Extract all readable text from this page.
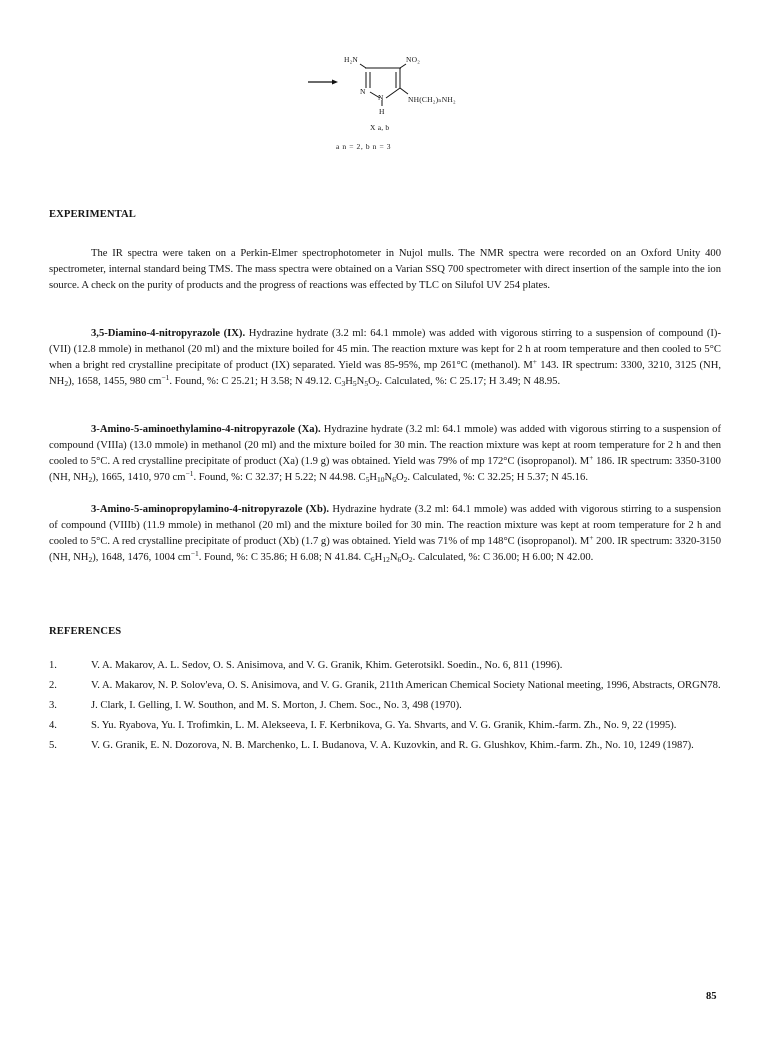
H₂N	NO₂
N
N	NH(CH₂)ₙNH₂
H
X a, b
a n = 2, b n = 3
EXPERIMENTAL

The IR spectra were taken on a Perkin-Elmer spectrophotometer in Nujol mulls. The NMR spectra were recorded on an Oxford Unity 400 spectrometer, internal standard being TMS. The mass spectra were obtained on a Varian SSQ 700 spectrometer with direct insertion of the sample into the ion source. A check on the purity of products and the progress of reactions was effected by TLC on Silufol UV 254 plates.

3,5-Diamino-4-nitropyrazole (IX). Hydrazine hydrate (3.2 ml: 64.1 mmole) was added with vigorous stirring to a suspension of compound (I)-(VII) (12.8 mmole) in methanol (20 ml) and the mixture boiled for 45 min. The reaction mxture was kept for 2 h at room temperature and then cooled to 5°C when a bright red crystalline precipitate of product (IX) separated. Yield was 85-95%, mp 261°C (methanol). M+ 143. IR spectrum: 3300, 3210, 3125 (NH, $NH_2$), 1658, 1455, 980 $cm^{-1}$. Found, %: C 25.21; H 3.58; N 49.12. $C_3H_5N_5O_2$. Calculated, %: C 25.17; H 3.49; N 48.95.

3-Amino-5-aminoethylamino-4-nitropyrazole (Xa). Hydrazine hydrate (3.2 ml: 64.1 mmole) was added with vigorous stirring to a suspension of compound (VIIIa) (13.0 mmole) in methanol (20 ml) and the mixture boiled for 30 min. The reaction mixture was kept at room temperature for 2 h and then cooled to 5°C. A red crystalline precipitate of product (Xa) (1.9 g) was obtained. Yield was 79% of mp 172°C (isopropanol). M+ 186. IR spectrum: 3350-3100 (NH, $NH_2$), 1665, 1410, 970 $cm^{-1}$. Found, %: C 32.37; H 5.22; N 44.98. $C_5H_{10}N_6O_2$. Calculated, %: C 32.25; H 5.37; N 45.16.

3-Amino-5-aminopropylamino-4-nitropyrazole (Xb). Hydrazine hydrate (3.2 ml: 64.1 mmole) was added with vigorous stirring to a suspension of compound (VIIIb) (11.9 mmole) in methanol (20 ml) and the mixture boiled for 30 min. The reaction mixture was kept at room temperature for 2 h and cooled to 5°C. A red crystalline precipitate of product (Xb) (1.7 g) was obtained. Yield was 71% of mp 148°C (isopropanol). M+ 200. IR spectrum: 3320-3150 (NH, $NH_2$), 1648, 1476, 1004 $cm^{-1}$. Found, %: C 35.86; H 6.08; N 41.84. $C_6H_{12}N_6O_2$. Calculated, %: C 36.00; H 6.00; N 42.00.

REFERENCES
1.	V. A. Makarov, A. L. Sedov, O. S. Anisimova, and V. G. Granik, Khim. Geterotsikl. Soedin., No. 6, 811 (1996).
2.	V. A. Makarov, N. P. Solov'eva, O. S. Anisimova, and V. G. Granik, 211th American Chemical Society National meeting, 1996, Abstracts, ORGN78.
3.	J. Clark, I. Gelling, I. W. Southon, and M. S. Morton, J. Chem. Soc., No. 3, 498 (1970).
4.	S. Yu. Ryabova, Yu. I. Trofimkin, L. M. Alekseeva, I. F. Kerbnikova, G. Ya. Shvarts, and V. G. Granik, Khim.-farm. Zh., No. 9, 22 (1995).
5.	V. G. Granik, E. N. Dozorova, N. B. Marchenko, L. I. Budanova, V. A. Kuzovkin, and R. G. Glushkov, Khim.-farm. Zh., No. 10, 1249 (1987).
85
